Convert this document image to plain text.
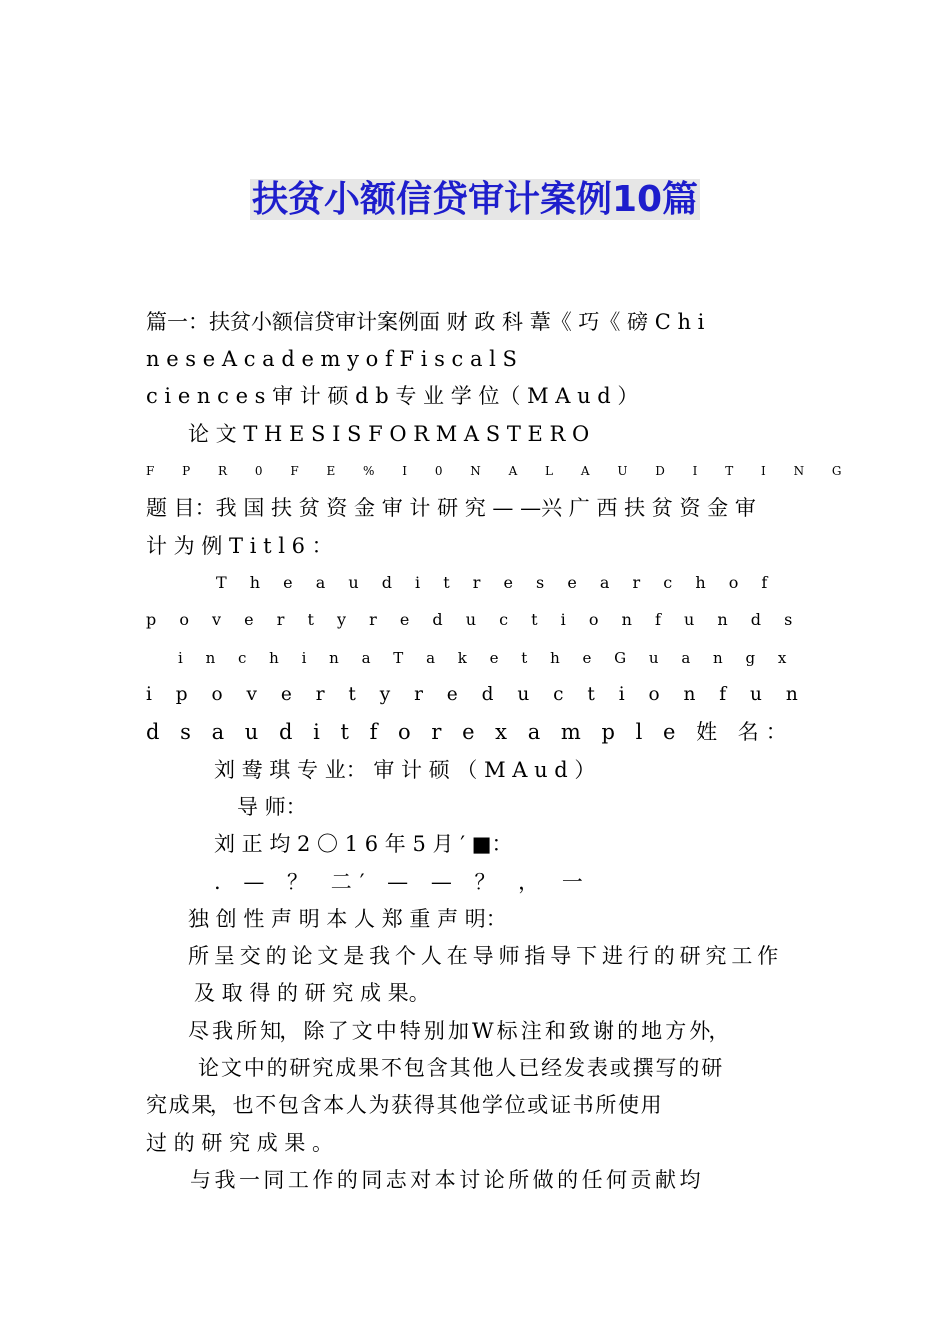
扶贫小额信贷审计案例10篇
篇一：扶贫小额信贷审计案例面 财 政 科 葦《 巧《 磅 C h i
n e s e A c a d e m y o f F i s c a l S
c i e n c e s 审 计 硕 d b 专 业 学 位（ M A u d ）
论 文 T H E S I S F O R M A S T E R O
F P R 0 F E % I 0 N A L A U D I T I N G
题 目：我 国 扶 贫 资 金 审 计 研 究 — —兴 广 西 扶 贫 资 金 审
计 为 例 T i t l 6 ：
T h e a u d i t r e s e a r c h o f
p o v e r t y r e d u c t i o n f u n d s
i n c h i n a T a k e t h e G u a n g x
i p o v e r t y r e d u c t i o n f u n
d s a u d i t f o r e x a m p l e 姓 名：
刘 鸯 琪 专 业： 审 计 硕 （ M A u d ）
导 师：
刘 正 均 2 〇 1 6 年 5 月 ′ ■：
. — ？ 二′ — — ？ ， 一
独 创 性 声 明 本 人 郑 重 声 明：
所 呈 交 的 论 文 是 我 个 人 在 导 师 指 导 下 进 行 的 研 究 工 作
及 取 得 的 研 究 成 果。
尽 我 所 知， 除 了 文 中 特 别 加 W 标 注 和 致 谢 的 地 方 外，
论 文 中 的 研 究 成 果 不 包 含 其 他 人 已 经 发 表 或 撰 写 的 研
究 成 果， 也 不 包 含 本 人 为 获 得 其 他 学 位 或 证 书 所 使 用
过 的 研 究 成 果 。
与 我 一 同 工 作 的 同 志 对 本 讨 论 所 做 的 任 何 贡 献 均
